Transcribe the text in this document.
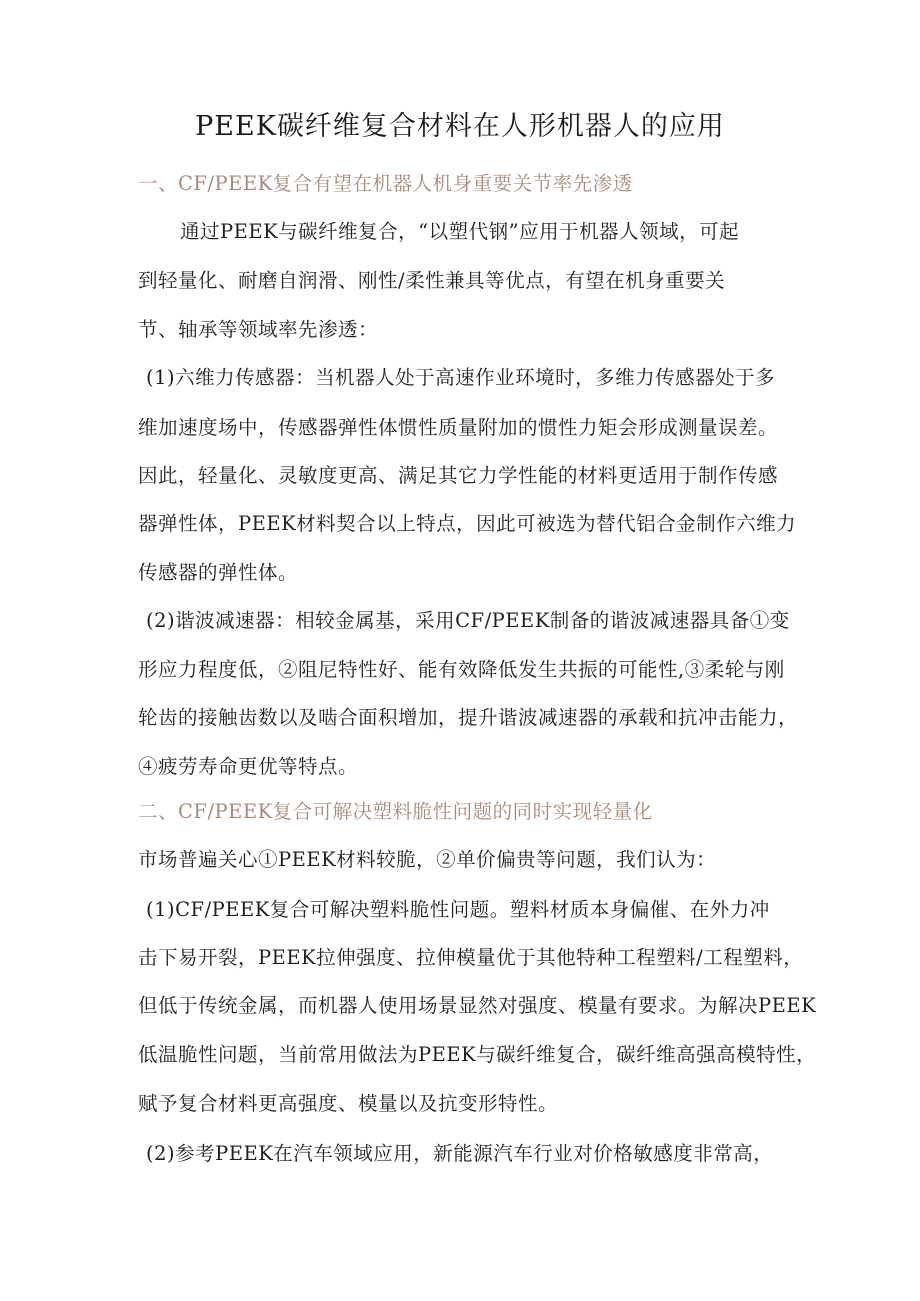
PEEK碳纤维复合材料在人形机器人的应用
一、CF/PEEK复合有望在机器人机身重要关节率先渗透
通过PEEK与碳纤维复合，“以塑代钢”应用于机器人领域，可起
到轻量化、耐磨自润滑、刚性/柔性兼具等优点，有望在机身重要关
节、轴承等领域率先渗透：
(1)六维力传感器：当机器人处于高速作业环境时，多维力传感器处于多
维加速度场中，传感器弹性体惯性质量附加的惯性力矩会形成测量误差。
因此，轻量化、灵敏度更高、满足其它力学性能的材料更适用于制作传感
器弹性体，PEEK材料契合以上特点，因此可被选为替代铝合金制作六维力
传感器的弹性体。
(2)谐波减速器：相较金属基，采用CF/PEEK制备的谐波减速器具备①变
形应力程度低，②阻尼特性好、能有效降低发生共振的可能性,③柔轮与刚
轮齿的接触齿数以及啮合面积增加，提升谐波减速器的承载和抗冲击能力，
④疲劳寿命更优等特点。
二、CF/PEEK复合可解决塑料脆性问题的同时实现轻量化
市场普遍关心①PEEK材料较脆，②单价偏贵等问题，我们认为：
(1)CF/PEEK复合可解决塑料脆性问题。塑料材质本身偏催、在外力冲
击下易开裂，PEEK拉伸强度、拉伸模量优于其他特种工程塑料/工程塑料，
但低于传统金属，而机器人使用场景显然对强度、模量有要求。为解决PEEK
低温脆性问题，当前常用做法为PEEK与碳纤维复合，碳纤维高强高模特性，
赋予复合材料更高强度、模量以及抗变形特性。
(2)参考PEEK在汽车领域应用，新能源汽车行业对价格敏感度非常高，
